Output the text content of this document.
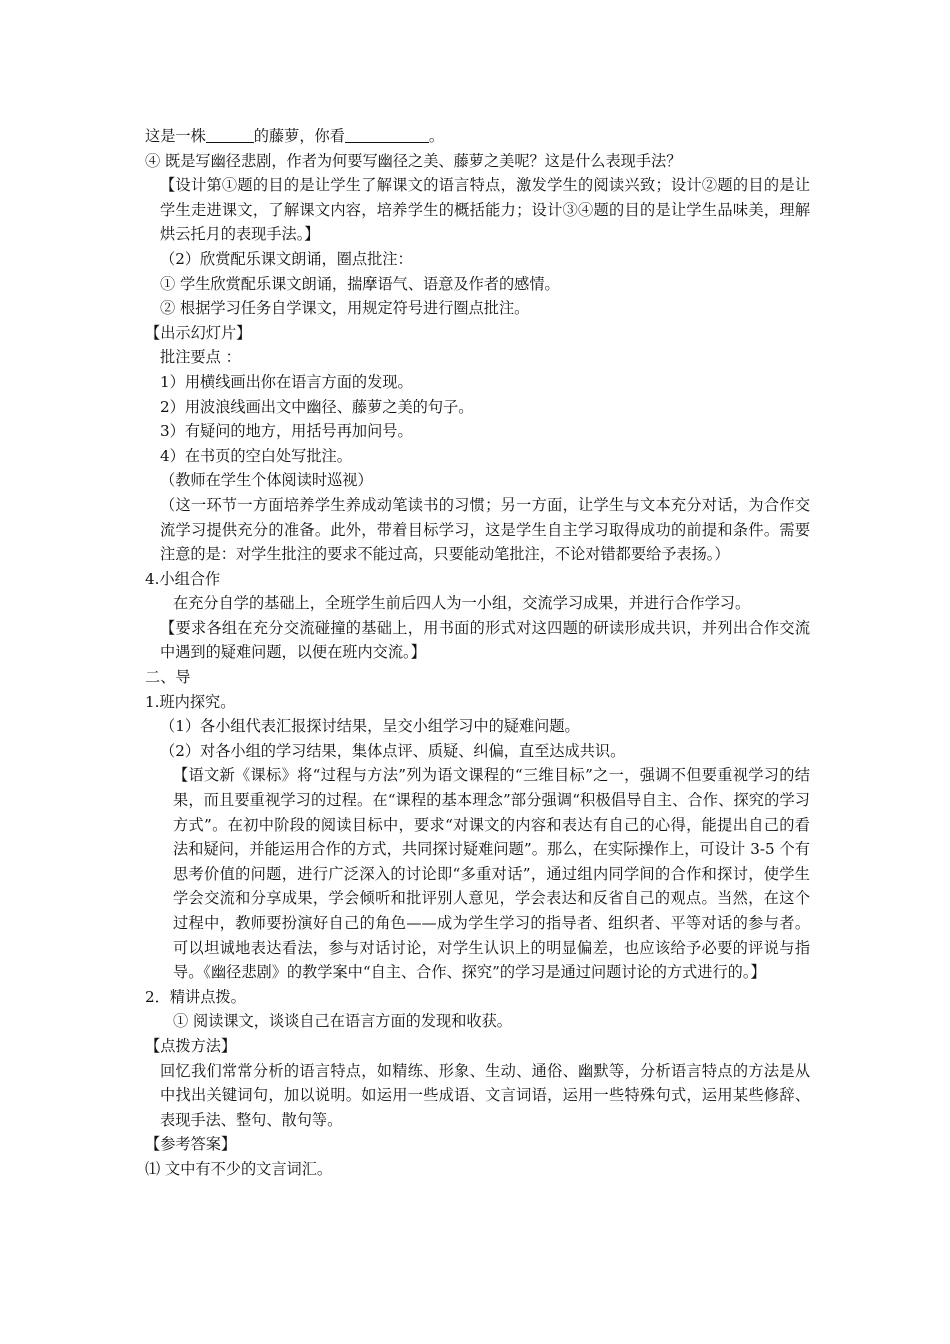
这是一株	的藤萝，你看	。

④ 既是写幽径悲剧，作者为何要写幽径之美、藤萝之美呢？这是什么表现手法？

【设计第①题的目的是让学生了解课文的语言特点，激发学生的阅读兴致；设计②题的目的是让学生走进课文，了解课文内容，培养学生的概括能力；设计③④题的目的是让学生品味美，理解烘云托月的表现手法。】

（2）欣赏配乐课文朗诵，圈点批注：

① 学生欣赏配乐课文朗诵，揣摩语气、语意及作者的感情。

② 根据学习任务自学课文，用规定符号进行圈点批注。

【出示幻灯片】

批注要点 ：

1）用横线画出你在语言方面的发现。

2）用波浪线画出文中幽径、藤萝之美的句子。

3）有疑问的地方，用括号再加问号。

4）在书页的空白处写批注。

（教师在学生个体阅读时巡视）

（这一环节一方面培养学生养成动笔读书的习惯；另一方面，让学生与文本充分对话，为合作交流学习提供充分的准备。此外，带着目标学习，这是学生自主学习取得成功的前提和条件。需要注意的是：对学生批注的要求不能过高，只要能动笔批注，不论对错都要给予表扬。）

4.小组合作

在充分自学的基础上，全班学生前后四人为一小组，交流学习成果，并进行合作学习。

【要求各组在充分交流碰撞的基础上，用书面的形式对这四题的研读形成共识，并列出合作交流中遇到的疑难问题，以便在班内交流。】

二、导

1.班内探究。

（1）各小组代表汇报探讨结果，呈交小组学习中的疑难问题。

（2）对各小组的学习结果，集体点评、质疑、纠偏，直至达成共识。

【语文新《课标》将“过程与方法”列为语文课程的“三维目标”之一，强调不但要重视学习的结果，而且要重视学习的过程。在“课程的基本理念”部分强调“积极倡导自主、合作、探究的学习方式”。在初中阶段的阅读目标中，要求“对课文的内容和表达有自己的心得，能提出自己的看法和疑问，并能运用合作的方式，共同探讨疑难问题”。那么，在实际操作上，可设计 3-5 个有思考价值的问题，进行广泛深入的讨论即“多重对话”，通过组内同学间的合作和探讨，使学生学会交流和分享成果，学会倾听和批评别人意见，学会表达和反省自己的观点。当然，在这个过程中，教师要扮演好自己的角色——成为学生学习的指导者、组织者、平等对话的参与者。可以坦诚地表达看法，参与对话讨论，对学生认识上的明显偏差，也应该给予必要的评说与指导。《幽径悲剧》的教学案中“自主、合作、探究”的学习是通过问题讨论的方式进行的。】

2．精讲点拨。

① 阅读课文，谈谈自己在语言方面的发现和收获。

【点拨方法】

回忆我们常常分析的语言特点，如精练、形象、生动、通俗、幽默等，分析语言特点的方法是从中找出关键词句，加以说明。如运用一些成语、文言词语，运用一些特殊句式，运用某些修辞、表现手法、整句、散句等。

【参考答案】

⑴ 文中有不少的文言词汇。
